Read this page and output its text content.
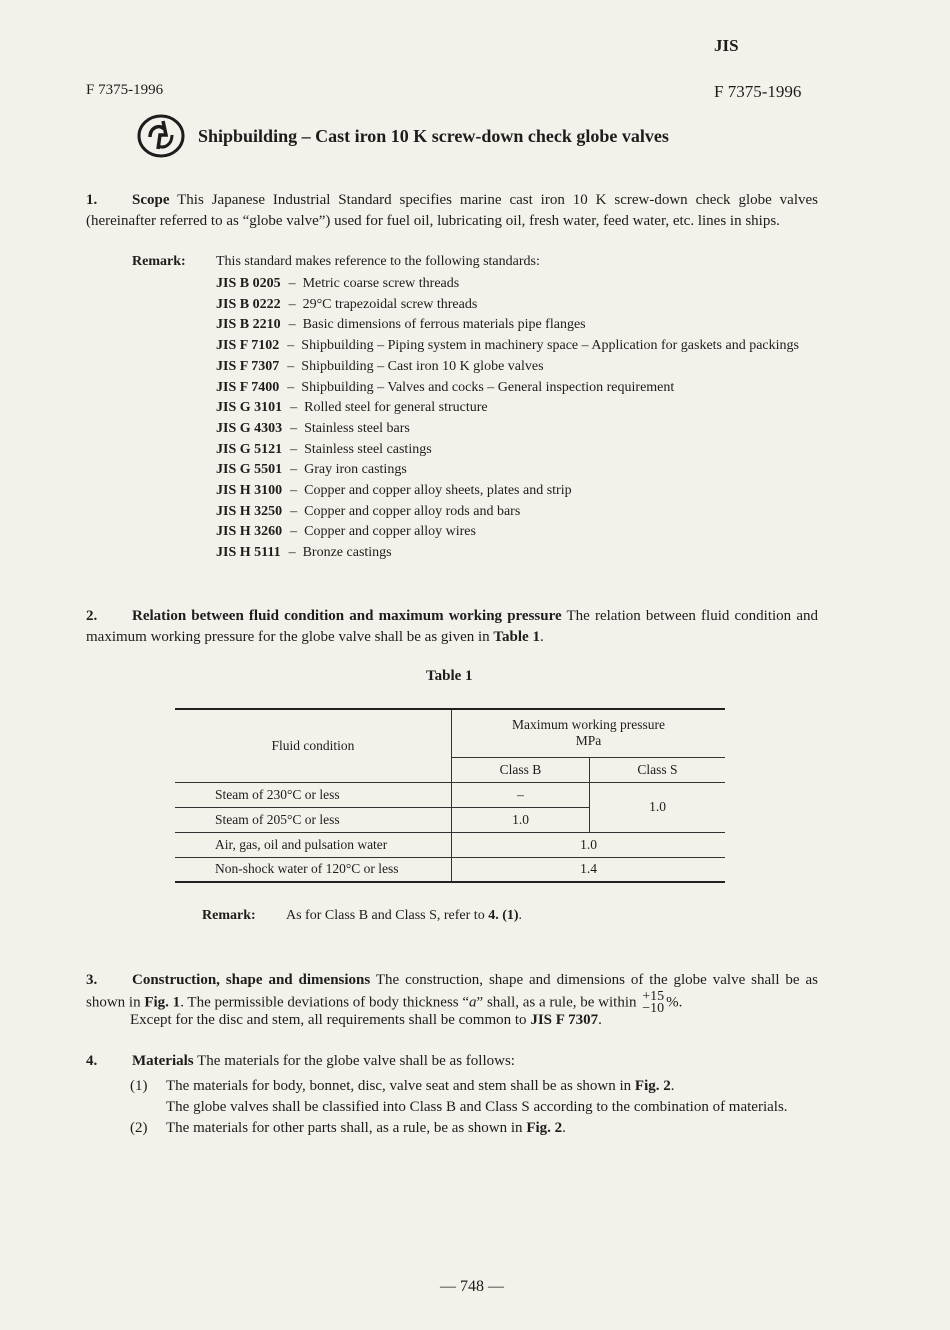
JIS
F 7375-1996	F 7375-1996
Shipbuilding – Cast iron 10 K screw-down check globe valves
1. Scope This Japanese Industrial Standard specifies marine cast iron 10 K screw-down check globe valves (hereinafter referred to as “globe valve”) used for fuel oil, lubricating oil, fresh water, feed water, etc. lines in ships.
Remark: This standard makes reference to the following standards:
JIS B 0205 – Metric coarse screw threads
JIS B 0222 – 29°C trapezoidal screw threads
JIS B 2210 – Basic dimensions of ferrous materials pipe flanges
JIS F 7102 – Shipbuilding – Piping system in machinery space – Application for gaskets and packings
JIS F 7307 – Shipbuilding – Cast iron 10 K globe valves
JIS F 7400 – Shipbuilding – Valves and cocks – General inspection requirement
JIS G 3101 – Rolled steel for general structure
JIS G 4303 – Stainless steel bars
JIS G 5121 – Stainless steel castings
JIS G 5501 – Gray iron castings
JIS H 3100 – Copper and copper alloy sheets, plates and strip
JIS H 3250 – Copper and copper alloy rods and bars
JIS H 3260 – Copper and copper alloy wires
JIS H 5111 – Bronze castings
2. Relation between fluid condition and maximum working pressure The relation between fluid condition and maximum working pressure for the globe valve shall be as given in Table 1.
Table 1
Fluid condition	Maximum working pressure
MPa	

	Class B	Class S
Steam of 230°C or less	–	1.0
Steam of 205°C or less	1.0	
Air, gas, oil and pulsation water	1.0	
Non-shock water of 120°C or less	1.4	
Remark: As for Class B and Class S, refer to 4. (1).
3. Construction, shape and dimensions The construction, shape and dimensions of the globe valve shall be as shown in Fig. 1. The permissible deviations of body thickness “a” shall, as a rule, be within +15
−10 %.
Except for the disc and stem, all requirements shall be common to JIS F 7307.
4. Materials The materials for the globe valve shall be as follows:
(1) The materials for body, bonnet, disc, valve seat and stem shall be as shown in Fig. 2.
The globe valves shall be classified into Class B and Class S according to the combination of materials.
(2) The materials for other parts shall, as a rule, be as shown in Fig. 2.
— 748 —
